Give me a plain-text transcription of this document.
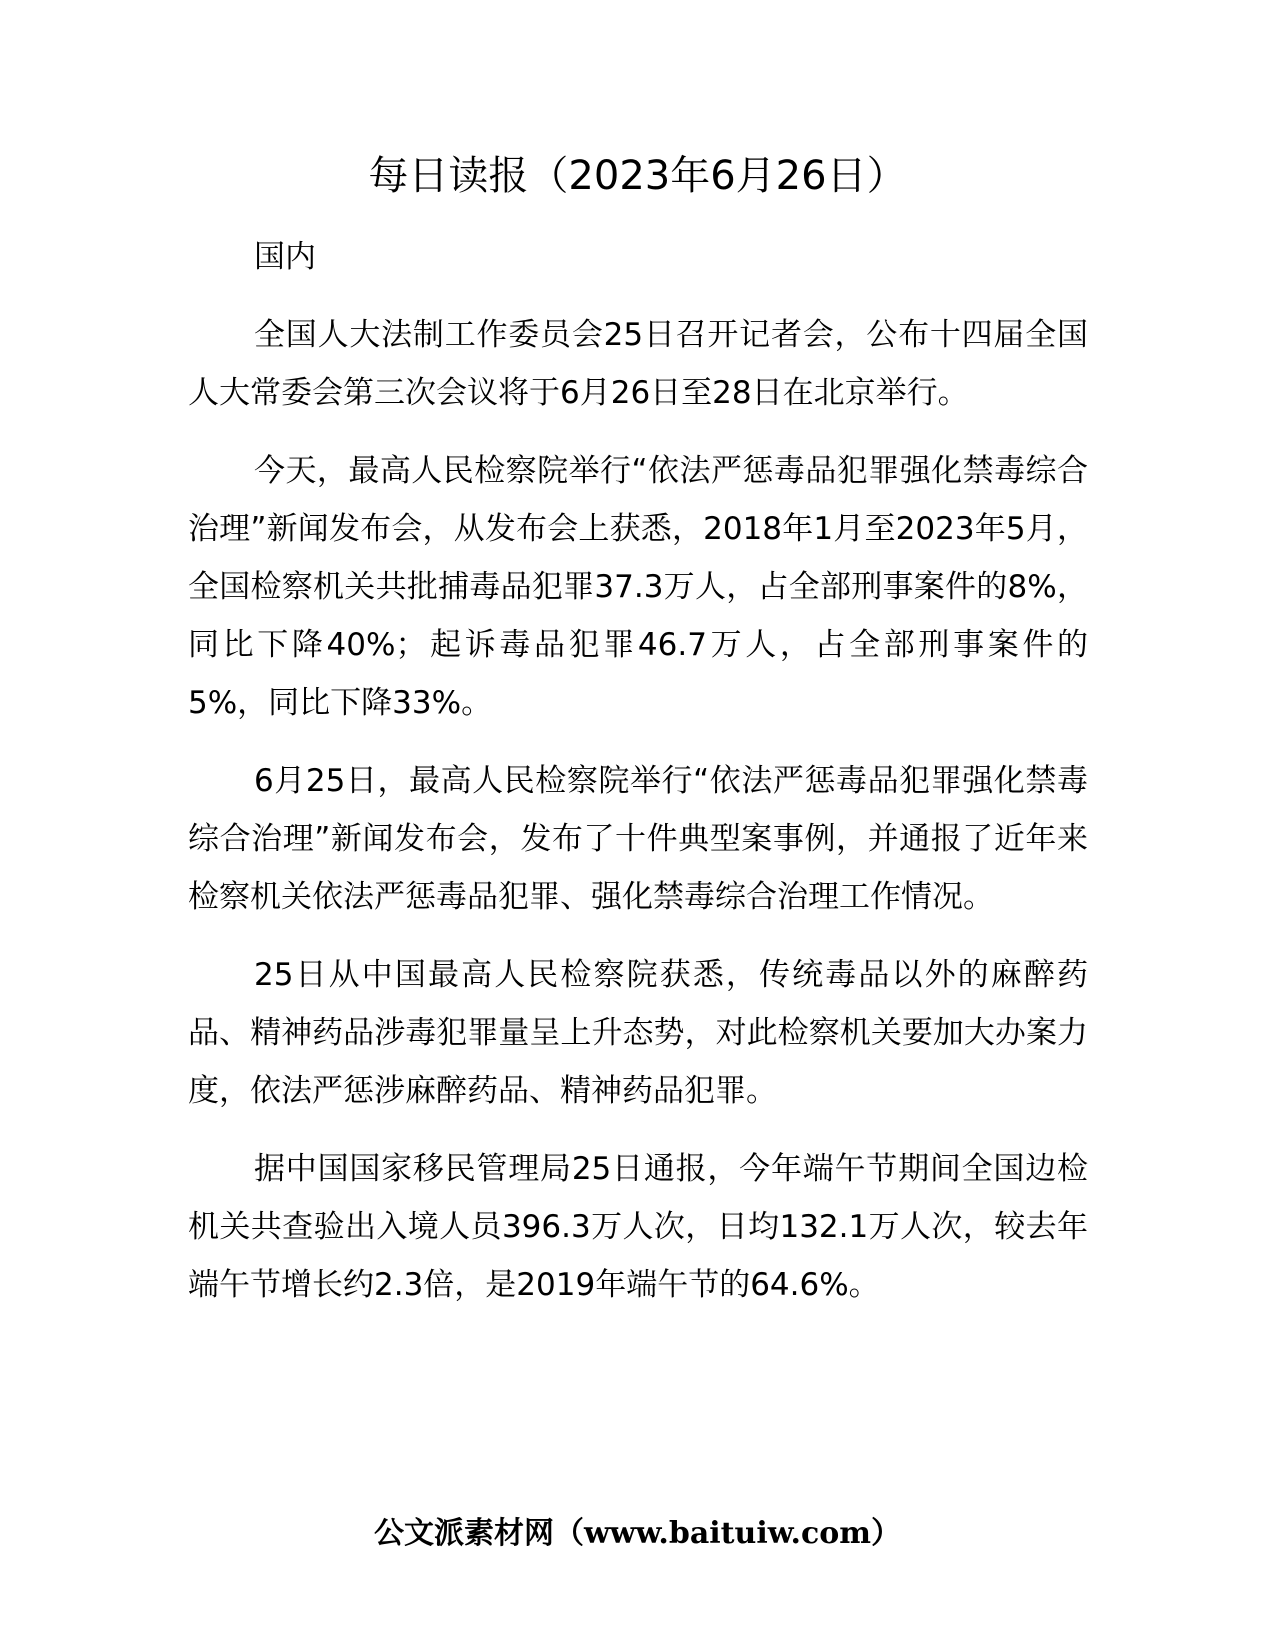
每日读报（2023年6月26日）

国内

全国人大法制工作委员会25日召开记者会，公布十四届全国人大常委会第三次会议将于6月26日至28日在北京举行。

今天，最高人民检察院举行“依法严惩毒品犯罪强化禁毒综合治理”新闻发布会，从发布会上获悉，2018年1月至2023年5月，全国检察机关共批捕毒品犯罪37.3万人，占全部刑事案件的8%，同比下降40%；起诉毒品犯罪46.7万人，占全部刑事案件的5%，同比下降33%。

6月25日，最高人民检察院举行“依法严惩毒品犯罪强化禁毒综合治理”新闻发布会，发布了十件典型案事例，并通报了近年来检察机关依法严惩毒品犯罪、强化禁毒综合治理工作情况。

25日从中国最高人民检察院获悉，传统毒品以外的麻醉药品、精神药品涉毒犯罪量呈上升态势，对此检察机关要加大办案力度，依法严惩涉麻醉药品、精神药品犯罪。

据中国国家移民管理局25日通报，今年端午节期间全国边检机关共查验出入境人员396.3万人次，日均132.1万人次，较去年端午节增长约2.3倍，是2019年端午节的64.6%。

公文派素材网（www.baituiw.com）
